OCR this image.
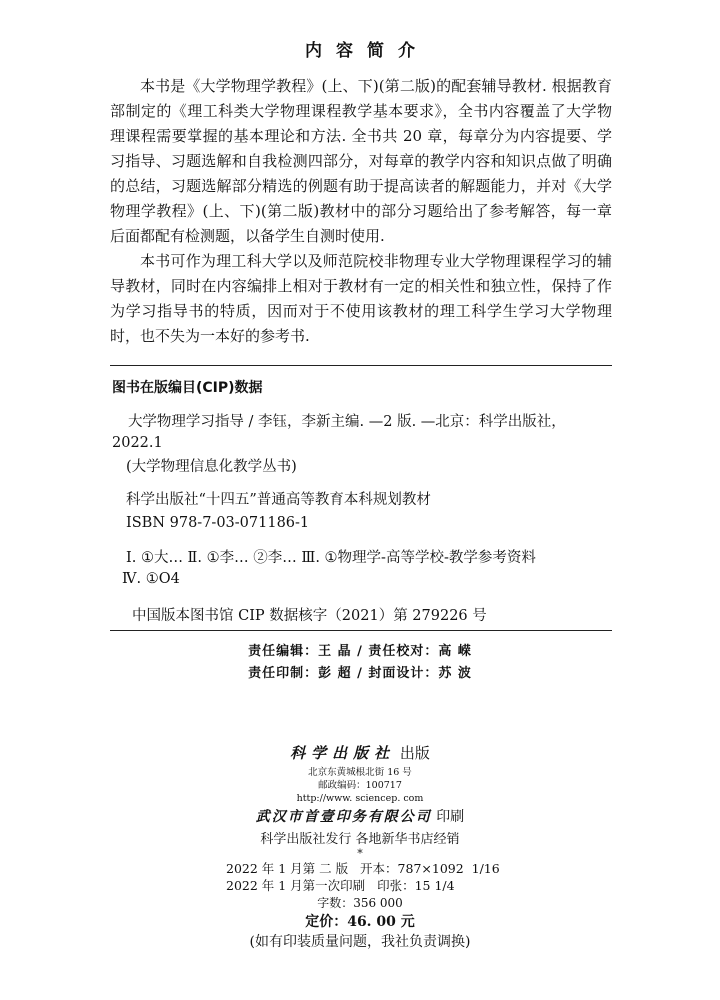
内容简介

本书是《大学物理学教程》(上、下)(第二版)的配套辅导教材. 根据教育部制定的《理工科类大学物理课程教学基本要求》，全书内容覆盖了大学物理课程需要掌握的基本理论和方法. 全书共 20 章，每章分为内容提要、学习指导、习题选解和自我检测四部分，对每章的教学内容和知识点做了明确的总结，习题选解部分精选的例题有助于提高读者的解题能力，并对《大学物理学教程》(上、下)(第二版)教材中的部分习题给出了参考解答，每一章后面都配有检测题，以备学生自测时使用.

本书可作为理工科大学以及师范院校非物理专业大学物理课程学习的辅导教材，同时在内容编排上相对于教材有一定的相关性和独立性，保持了作为学习指导书的特质，因而对于不使用该教材的理工科学生学习大学物理时，也不失为一本好的参考书.

图书在版编目(CIP)数据
大学物理学习指导 / 李钰，李新主编. —2 版. —北京：科学出版社，2022.1
(大学物理信息化教学丛书)
科学出版社“十四五”普通高等教育本科规划教材
ISBN 978-7-03-071186-1
Ⅰ. ①大… Ⅱ. ①李… ②李… Ⅲ. ①物理学-高等学校-教学参考资料
Ⅳ. ①O4
中国版本图书馆 CIP 数据核字（2021）第 279226 号
责任编辑：王 晶 / 责任校对：高 嵘
责任印制：彭 超 / 封面设计：苏 波
科学出版社 出版
北京东黄城根北街 16 号
邮政编码：100717
http://www. sciencep. com
武汉市首壹印务有限公司 印刷
科学出版社发行 各地新华书店经销
*
2022 年 1 月第 二 版   开本：787×1092  1/16
2022 年 1 月第一次印刷   印张：15 1/4
字数：356 000
定价：46. 00 元
(如有印装质量问题，我社负责调换)
